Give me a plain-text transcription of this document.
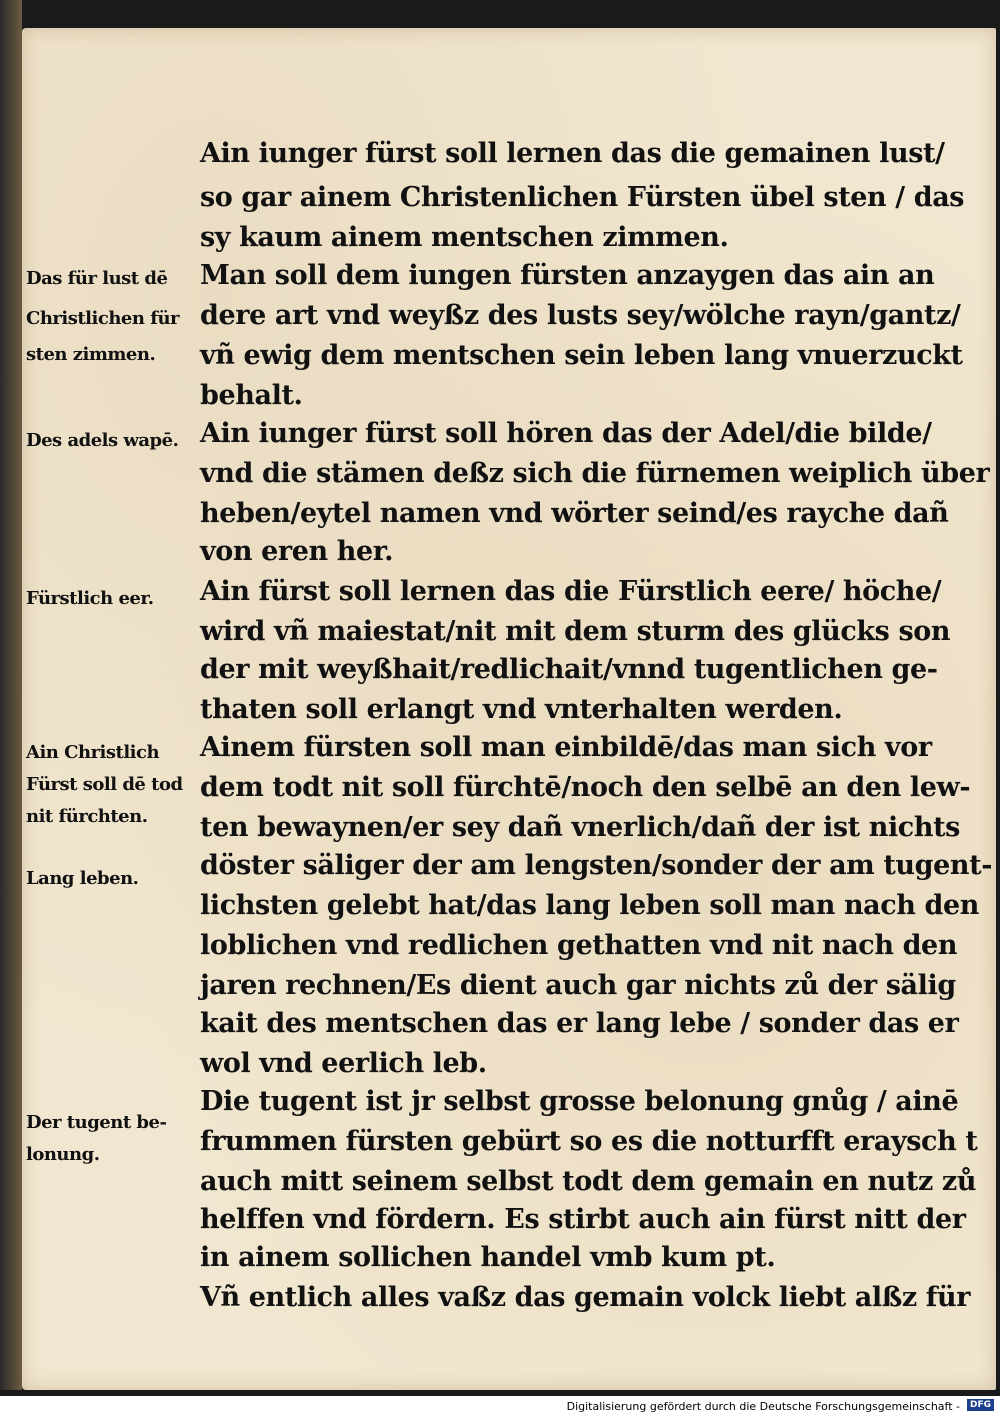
Ain iunger fürst soll lernen das die gemainen lust/
so gar ainem Christenlichen Fürsten übel sten / das
sy kaum ainem mentschen zimmen.
Man soll dem iungen fürsten anzaygen das ain an
dere art vnd weyßz des lusts sey/wölche rayn/gantz/
vñ ewig dem mentschen sein leben lang vnuerzuckt
behalt.
Ain iunger fürst soll hören das der Adel/die bilde/
vnd die stämen deßz sich die fürnemen weiplich über
heben/eytel namen vnd wörter seind/es rayche dañ
von eren her.
Ain fürst soll lernen das die Fürstlich eere/ höche/
wird vñ maiestat/nit mit dem sturm des glücks son
der mit weyßhait/redlichait/vnnd tugentlichen ge-
thaten soll erlangt vnd vnterhalten werden.
Ainem fürsten soll man einbildē/das man sich vor
dem todt nit soll fürchtē/noch den selbē an den lew-
ten bewaynen/er sey dañ vnerlich/dañ der ist nichts
döster säliger der am lengsten/sonder der am tugent-
lichsten gelebt hat/das lang leben soll man nach den
loblichen vnd redlichen gethatten vnd nit nach den
jaren rechnen/Es dient auch gar nichts zů der sälig
kait des mentschen das er lang lebe / sonder das er
wol vnd eerlich leb.
Die tugent ist jr selbst grosse belonung gnůg / ainē
frummen fürsten gebürt so es die notturfft eraysch t
auch mitt seinem selbst todt dem gemain en nutz zů
helffen vnd fördern. Es stirbt auch ain fürst nitt der
in ainem sollichen handel vmb kum pt.
Vñ entlich alles vaßz das gemain volck liebt alßz für
Das für lust dē
Christlichen für
sten zimmen.
Des adels wapē.
Fürstlich eer.
Ain Christlich
Fürst soll dē tod
nit fürchten.
Lang leben.
Der tugent be-
lonung.
Digitalisierung gefördert durch die Deutsche Forschungsgemeinschaft -	DFG
